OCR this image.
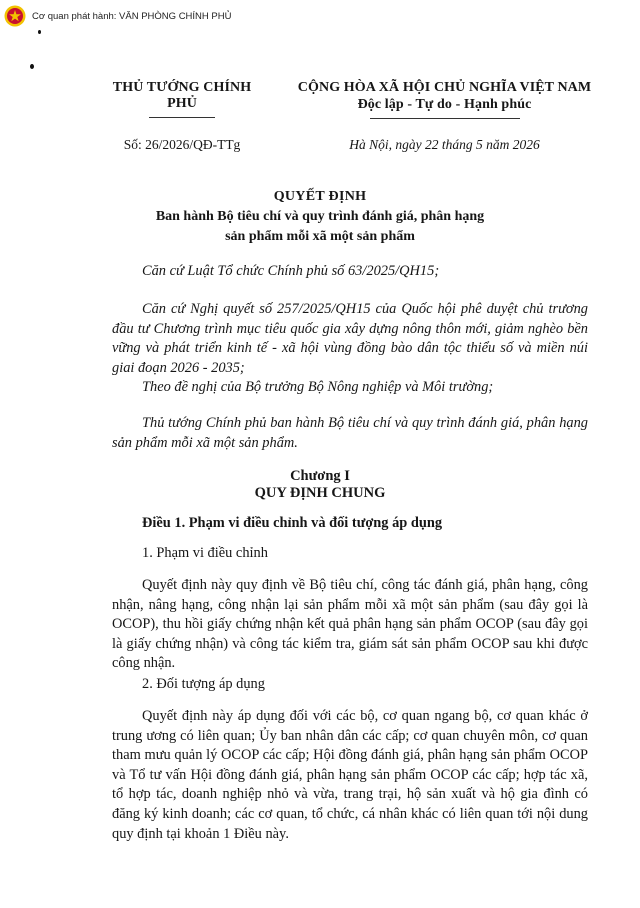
Cơ quan phát hành: VĂN PHÒNG CHÍNH PHỦ
THỦ TƯỚNG CHÍNH PHỦ
CỘNG HÒA XÃ HỘI CHỦ NGHĨA VIỆT NAM
Độc lập - Tự do - Hạnh phúc
Số: 26/2026/QĐ-TTg	Hà Nội, ngày 22 tháng 5 năm 2026
QUYẾT ĐỊNH
Ban hành Bộ tiêu chí và quy trình đánh giá, phân hạng sản phẩm mỗi xã một sản phẩm
Căn cứ Luật Tổ chức Chính phủ số 63/2025/QH15;
Căn cứ Nghị quyết số 257/2025/QH15 của Quốc hội phê duyệt chủ trương đầu tư Chương trình mục tiêu quốc gia xây dựng nông thôn mới, giảm nghèo bền vững và phát triển kinh tế - xã hội vùng đồng bào dân tộc thiểu số và miền núi giai đoạn 2026 - 2035;
Theo đề nghị của Bộ trưởng Bộ Nông nghiệp và Môi trường;
Thủ tướng Chính phủ ban hành Bộ tiêu chí và quy trình đánh giá, phân hạng sản phẩm mỗi xã một sản phẩm.
Chương I
QUY ĐỊNH CHUNG
Điều 1. Phạm vi điều chỉnh và đối tượng áp dụng
1. Phạm vi điều chỉnh
Quyết định này quy định về Bộ tiêu chí, công tác đánh giá, phân hạng, công nhận, nâng hạng, công nhận lại sản phẩm mỗi xã một sản phẩm (sau đây gọi là OCOP), thu hồi giấy chứng nhận kết quả phân hạng sản phẩm OCOP (sau đây gọi là giấy chứng nhận) và công tác kiểm tra, giám sát sản phẩm OCOP sau khi được công nhận.
2. Đối tượng áp dụng
Quyết định này áp dụng đối với các bộ, cơ quan ngang bộ, cơ quan khác ở trung ương có liên quan; Ủy ban nhân dân các cấp; cơ quan chuyên môn, cơ quan tham mưu quản lý OCOP các cấp; Hội đồng đánh giá, phân hạng sản phẩm OCOP và Tổ tư vấn Hội đồng đánh giá, phân hạng sản phẩm OCOP các cấp; hợp tác xã, tổ hợp tác, doanh nghiệp nhỏ và vừa, trang trại, hộ sản xuất và hộ gia đình có đăng ký kinh doanh; các cơ quan, tổ chức, cá nhân khác có liên quan tới nội dung quy định tại khoản 1 Điều này.
